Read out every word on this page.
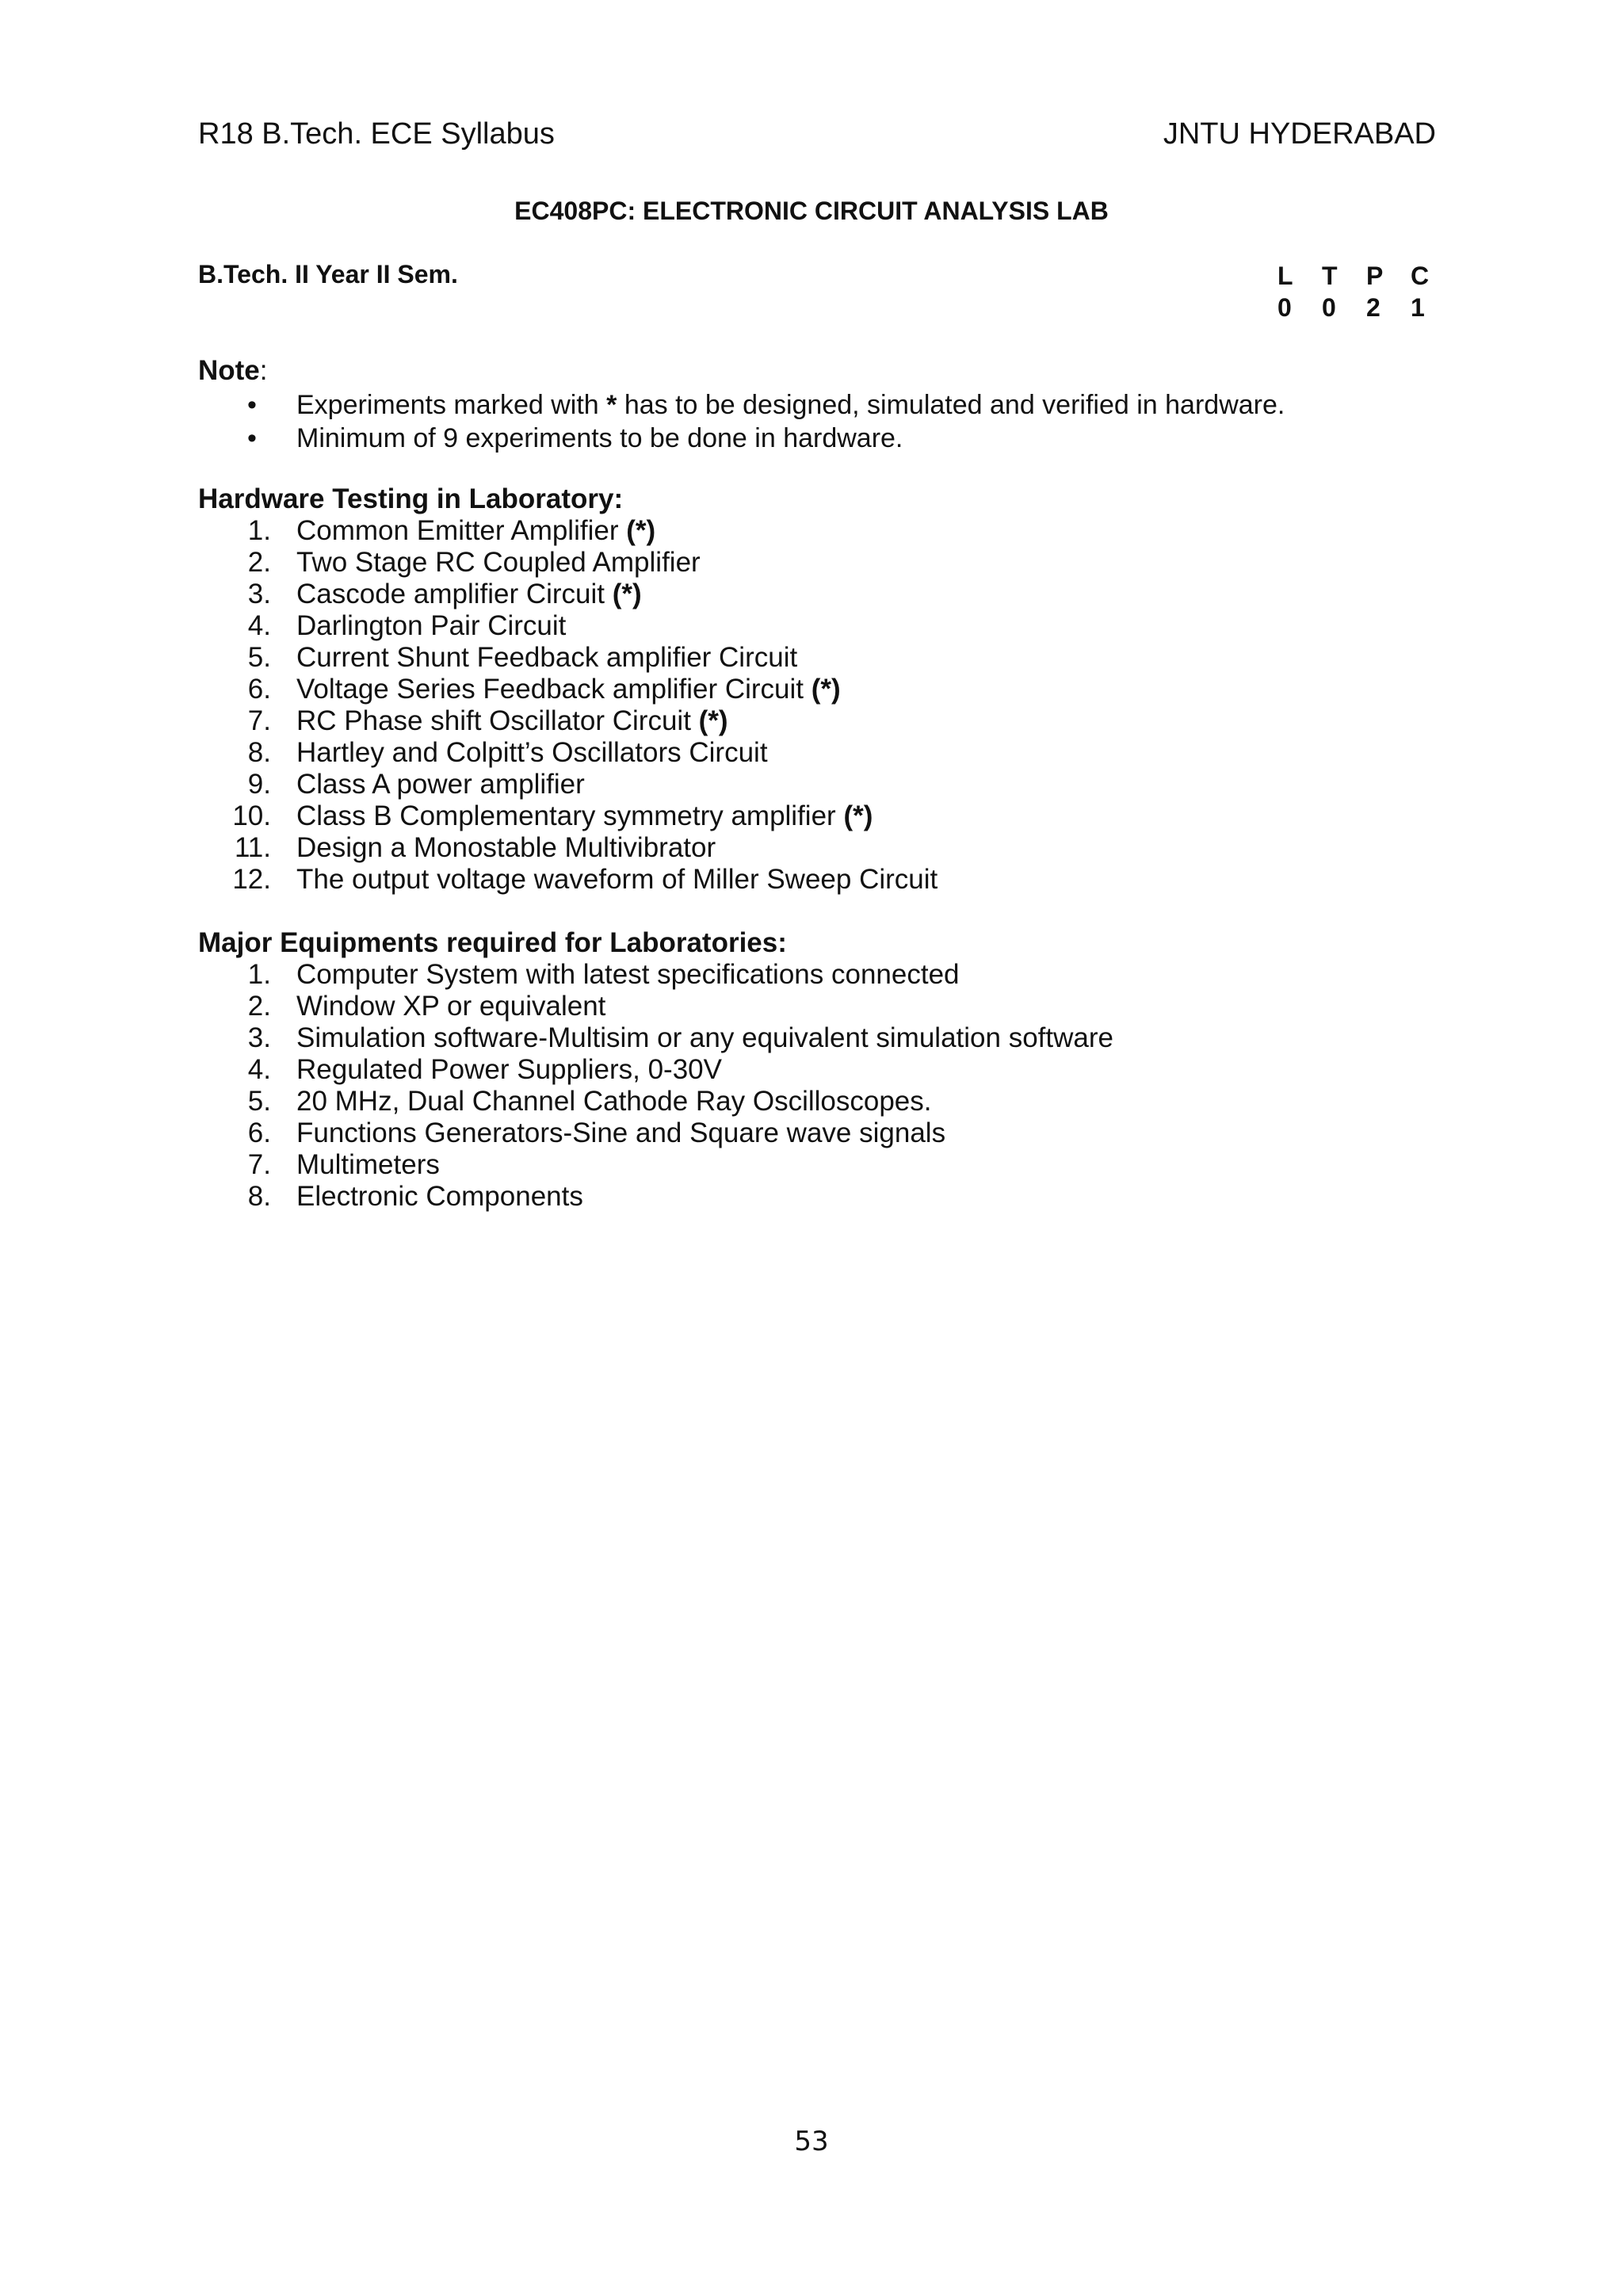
R18 B.Tech. ECE Syllabus	JNTU HYDERABAD
EC408PC: ELECTRONIC CIRCUIT ANALYSIS LAB
B.Tech. II Year II Sem.	L	T	P	C
0	0	2	1
Note:
• Experiments marked with * has to be designed, simulated and verified in hardware.
• Minimum of 9 experiments to be done in hardware.
Hardware Testing in Laboratory:
1. Common Emitter Amplifier (*)
2. Two Stage RC Coupled Amplifier
3. Cascode amplifier Circuit (*)
4. Darlington Pair Circuit
5. Current Shunt Feedback amplifier Circuit
6. Voltage Series Feedback amplifier Circuit (*)
7. RC Phase shift Oscillator Circuit (*)
8. Hartley and Colpitt’s Oscillators Circuit
9. Class A power amplifier
10. Class B Complementary symmetry amplifier (*)
11. Design a Monostable Multivibrator
12. The output voltage waveform of Miller Sweep Circuit
Major Equipments required for Laboratories:
1. Computer System with latest specifications connected
2. Window XP or equivalent
3. Simulation software-Multisim or any equivalent simulation software
4. Regulated Power Suppliers, 0-30V
5. 20 MHz, Dual Channel Cathode Ray Oscilloscopes.
6. Functions Generators-Sine and Square wave signals
7. Multimeters
8. Electronic Components
53
